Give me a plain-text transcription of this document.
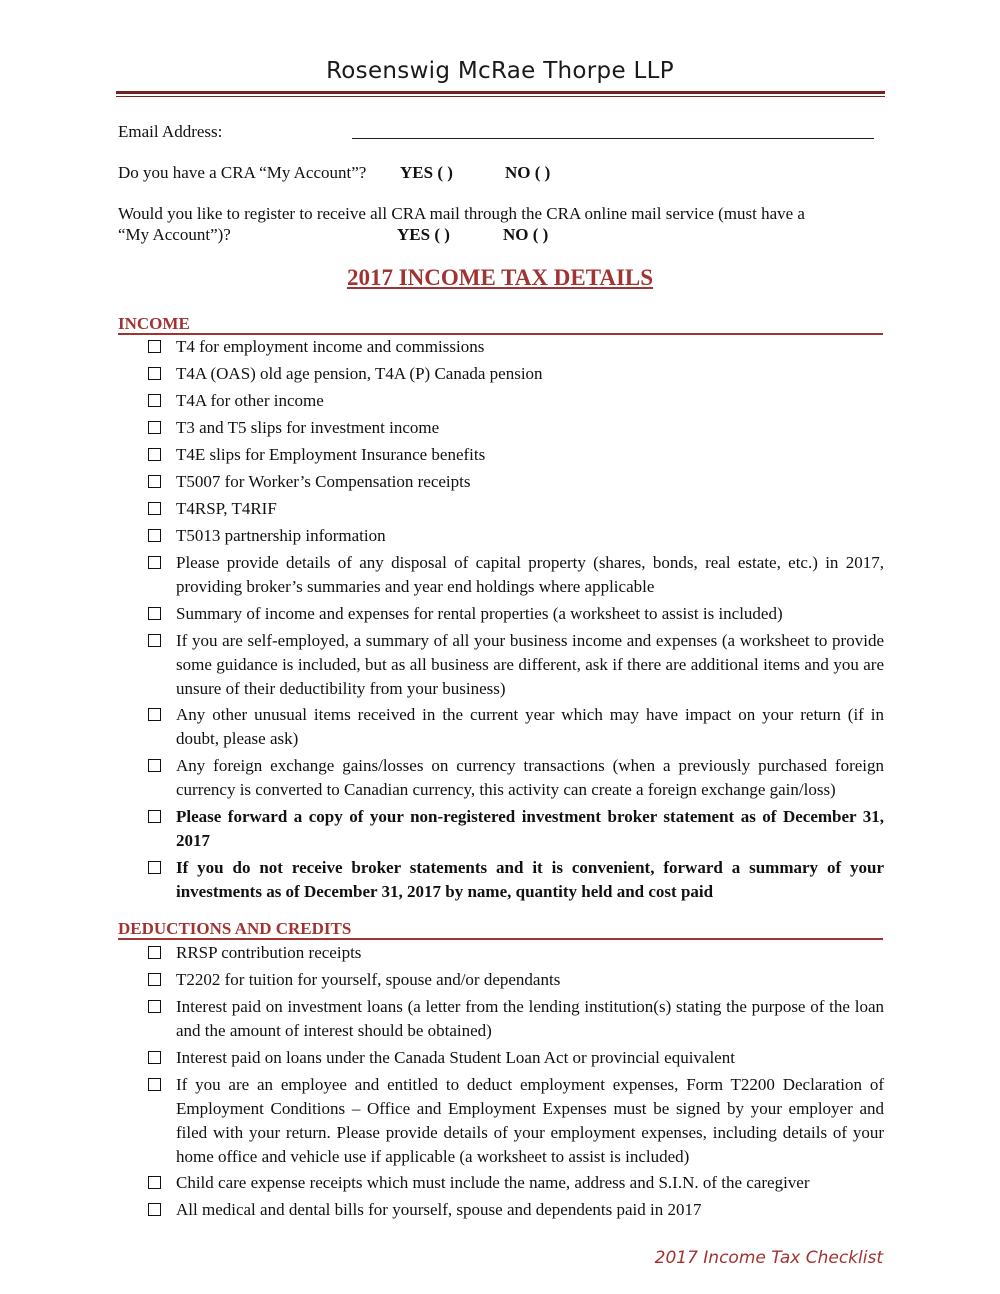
Rosenswig McRae Thorpe LLP
Email Address:
Do you have a CRA “My Account”? YES ( )	NO ( )
Would you like to register to receive all CRA mail through the CRA online mail service (must have a
“My Account”)?	YES ( )	NO ( )
2017 INCOME TAX DETAILS
INCOME
T4 for employment income and commissions
T4A (OAS) old age pension, T4A (P) Canada pension
T4A for other income
T3 and T5 slips for investment income
T4E slips for Employment Insurance benefits
T5007 for Worker’s Compensation receipts
T4RSP, T4RIF
T5013 partnership information
Please provide details of any disposal of capital property (shares, bonds, real estate, etc.) in 2017, providing broker’s summaries and year end holdings where applicable
Summary of income and expenses for rental properties (a worksheet to assist is included)
If you are self-employed, a summary of all your business income and expenses (a worksheet to provide some guidance is included, but as all business are different, ask if there are additional items and you are unsure of their deductibility from your business)
Any other unusual items received in the current year which may have impact on your return (if in doubt, please ask)
Any foreign exchange gains/losses on currency transactions (when a previously purchased foreign currency is converted to Canadian currency, this activity can create a foreign exchange gain/loss)
Please forward a copy of your non-registered investment broker statement as of December 31, 2017
If you do not receive broker statements and it is convenient, forward a summary of your investments as of December 31, 2017 by name, quantity held and cost paid
DEDUCTIONS AND CREDITS
RRSP contribution receipts
T2202 for tuition for yourself, spouse and/or dependants
Interest paid on investment loans (a letter from the lending institution(s) stating the purpose of the loan and the amount of interest should be obtained)
Interest paid on loans under the Canada Student Loan Act or provincial equivalent
If you are an employee and entitled to deduct employment expenses, Form T2200 Declaration of Employment Conditions – Office and Employment Expenses must be signed by your employer and filed with your return. Please provide details of your employment expenses, including details of your home office and vehicle use if applicable (a worksheet to assist is included)
Child care expense receipts which must include the name, address and S.I.N. of the caregiver
All medical and dental bills for yourself, spouse and dependents paid in 2017
2017 Income Tax Checklist
